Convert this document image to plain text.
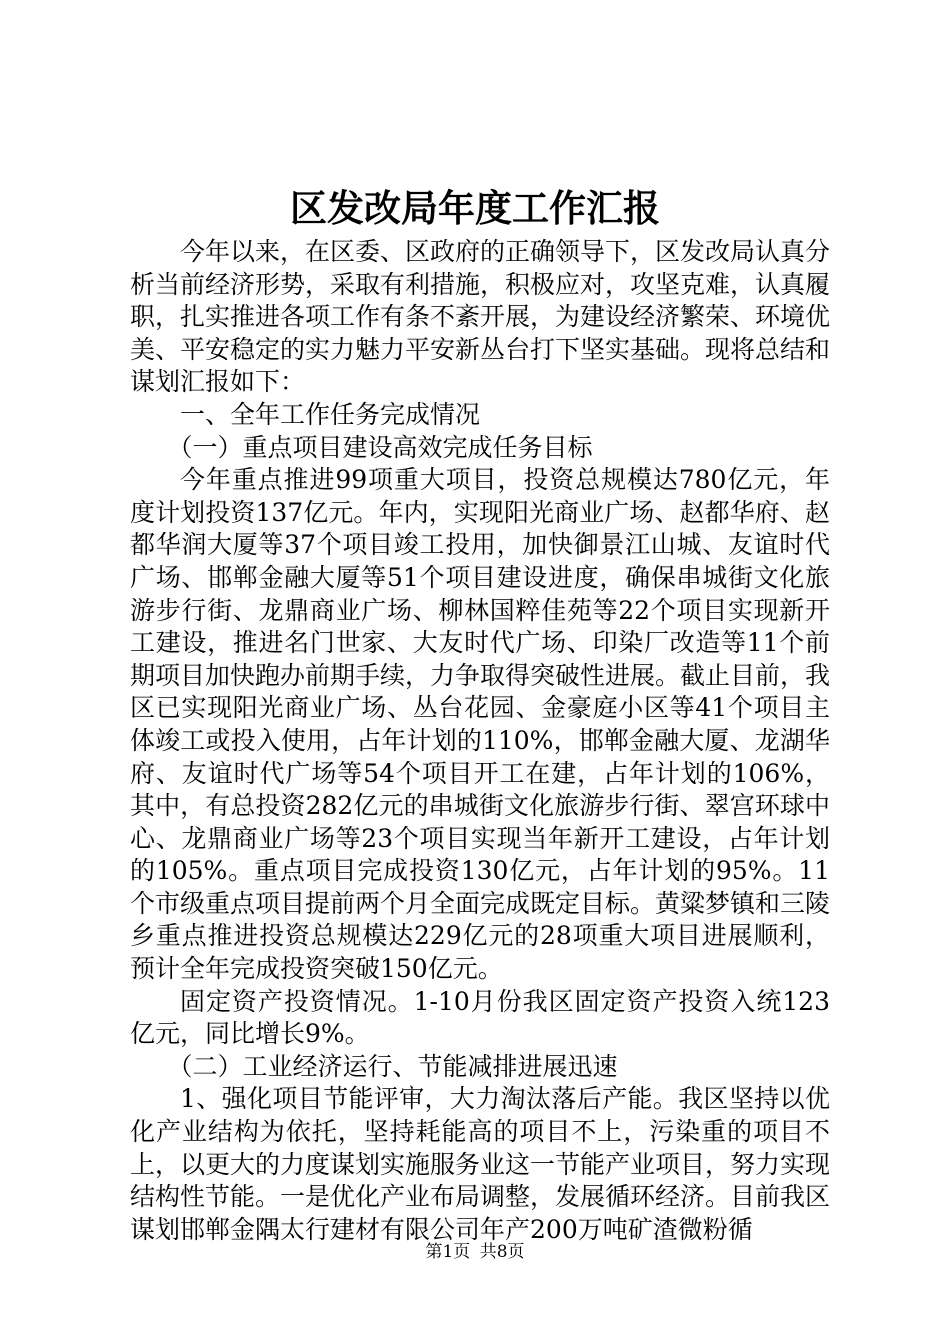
区发改局年度工作汇报

今年以来，在区委、区政府的正确领导下，区发改局认真分析当前经济形势，采取有利措施，积极应对，攻坚克难，认真履职，扎实推进各项工作有条不紊开展，为建设经济繁荣、环境优美、平安稳定的实力魅力平安新丛台打下坚实基础。现将总结和谋划汇报如下：

一、全年工作任务完成情况

（一）重点项目建设高效完成任务目标

今年重点推进99项重大项目，投资总规模达780亿元，年度计划投资137亿元。年内，实现阳光商业广场、赵都华府、赵都华润大厦等37个项目竣工投用，加快御景江山城、友谊时代广场、邯郸金融大厦等51个项目建设进度，确保串城街文化旅游步行街、龙鼎商业广场、柳林国粹佳苑等22个项目实现新开工建设，推进名门世家、大友时代广场、印染厂改造等11个前期项目加快跑办前期手续，力争取得突破性进展。截止目前，我区已实现阳光商业广场、丛台花园、金豪庭小区等41个项目主体竣工或投入使用，占年计划的110%，邯郸金融大厦、龙湖华府、友谊时代广场等54个项目开工在建，占年计划的106%，其中，有总投资282亿元的串城街文化旅游步行街、翠宫环球中心、龙鼎商业广场等23个项目实现当年新开工建设，占年计划的105%。重点项目完成投资130亿元，占年计划的95%。11个市级重点项目提前两个月全面完成既定目标。黄粱梦镇和三陵乡重点推进投资总规模达229亿元的28项重大项目进展顺利，预计全年完成投资突破150亿元。

固定资产投资情况。1-10月份我区固定资产投资入统123亿元，同比增长9%。

（二）工业经济运行、节能减排进展迅速

1、强化项目节能评审，大力淘汰落后产能。我区坚持以优化产业结构为依托，坚持耗能高的项目不上，污染重的项目不上，以更大的力度谋划实施服务业这一节能产业项目，努力实现结构性节能。一是优化产业布局调整，发展循环经济。目前我区谋划邯郸金隅太行建材有限公司年产200万吨矿渣微粉循

第1页 共8页
